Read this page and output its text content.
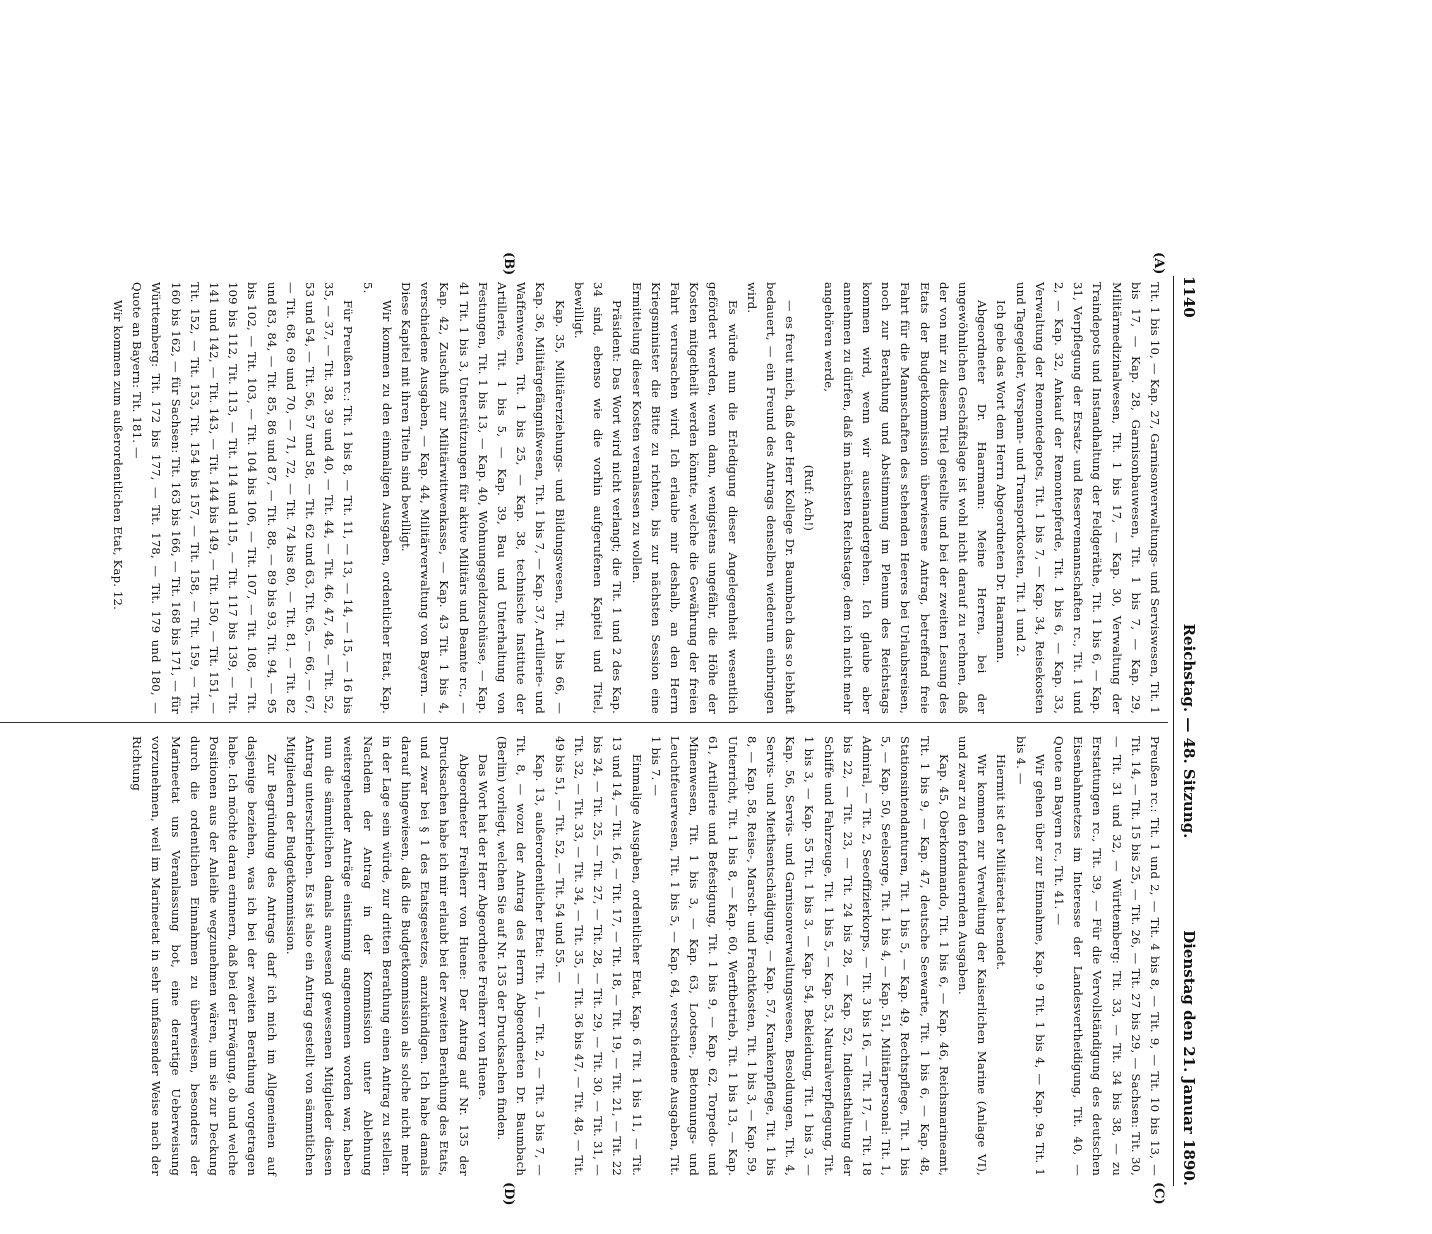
1140
Reichstag. — 48. Sitzung.
Dienstag den 21. Januar 1890.
(A)
(B)
(C)
(D)

Tit. 1 bis 10, — Kap. 27, Garnisonverwaltungs- und Serviswesen, Tit. 1 bis 17, — Kap. 28, Garnisonbauwesen, Tit. 1 bis 7, — Kap. 29, Militärmedizinalwesen, Tit. 1 bis 17, — Kap. 30, Verwaltung der Traindepots und Instandhaltung der Feldgeräthe, Tit. 1 bis 6, — Kap. 31, Verpflegung der Ersatz- und Reservemannschaften rc., Tit. 1 und 2, — Kap. 32, Ankauf der Remontepferde, Tit. 1 bis 6, — Kap. 33, Verwaltung der Remontedepots, Tit. 1 bis 7, — Kap. 34, Reisekosten und Tagegelder, Vorspann- und Transportkosten, Tit. 1 und 2.

Ich gebe das Wort dem Herrn Abgeordneten Dr. Haarmann.

Abgeordneter Dr. Haarmann: Meine Herren, bei der ungewöhnlichen Geschäftslage ist wohl nicht darauf zu rechnen, daß der von mir zu diesem Titel gestellte und bei der zweiten Lesung des Etats der Budgetkommission überwiesene Antrag, betreffend freie Fahrt für die Mannschaften des stehenden Heeres bei Urlaubsreisen, noch zur Berathung und Abstimmung im Plenum des Reichstags kommen wird, wenn wir auseinandergehen. Ich glaube aber annehmen zu dürfen, daß im nächsten Reichstage, dem ich nicht mehr angehören werde,

(Ruf: Ach!)

— es freut mich, daß der Herr Kollege Dr. Baumbach das so lebhaft bedauert, — ein Freund des Antrags denselben wiederum einbringen wird.

Es würde nun die Erledigung dieser Angelegenheit wesentlich gefördert werden, wenn dann, wenigstens ungefähr, die Höhe der Kosten mitgetheilt werden könnte, welche die Gewährung der freien Fahrt verursachen wird. Ich erlaube mir deshalb, an den Herrn Kriegsminister die Bitte zu richten, bis zur nächsten Session eine Ermittelung dieser Kosten veranlassen zu wollen.

Präsident: Das Wort wird nicht verlangt; die Tit. 1 und 2 des Kap. 34 sind, ebenso wie die vorhin aufgerufenen Kapitel und Titel, bewilligt.

Kap. 35, Militärerziehungs- und Bildungswesen, Tit. 1 bis 66, — Kap. 36, Militärgefängnißwesen, Tit. 1 bis 7, — Kap. 37, Artillerie- und Waffenwesen, Tit. 1 bis 25, — Kap. 38, technische Institute der Artillerie, Tit. 1 bis 5, — Kap. 39, Bau und Unterhaltung von Festungen, Tit. 1 bis 13, — Kap. 40, Wohnungsgeldzuschüsse, — Kap. 41 Tit. 1 bis 3, Unterstützungen für aktive Militärs und Beamte rc., — Kap. 42, Zuschuß zur Militärwittwenkasse, — Kap. 43 Tit. 1 bis 4, verschiedene Ausgaben, — Kap. 44, Militärverwaltung von Bayern. — Diese Kapitel mit ihren Titeln sind bewilligt.

Wir kommen zu den einmaligen Ausgaben, ordentlicher Etat, Kap. 5.

Für Preußen rc.: Tit. 1 bis 8, — Tit. 11, — 13, — 14, — 15, — 16 bis 35, — 37, — Tit. 38, 39 und 40, — Tit. 44, — Tit. 46, 47, 48, — Tit. 52, 53 und 54, — Tit. 56, 57 und 58, — Tit. 62 und 63, Tit. 65, — 66, — 67, — Tit. 68, 69 und 70, — 71, 72, — Tit. 74 bis 80, — Tit. 81, — Tit. 82 und 83, 84, — Tit. 85, 86 und 87, — Tit. 88, — 89 bis 93, Tit. 94, — 95 bis 102, — Tit. 103, — Tit. 104 bis 106, — Tit. 107, — Tit. 108, — Tit. 109 bis 112, Tit. 113, — Tit. 114 und 115, — Tit. 117 bis 139, — Tit. 141 und 142, — Tit. 143, — Tit. 144 bis 149, — Tit. 150, — Tit. 151, — Tit. 152, — Tit. 153, Tit. 154 bis 157, — Tit. 158, — Tit. 159, — Tit. 160 bis 162, — für Sachsen: Tit. 163 bis 166, — Tit. 168 bis 171, — für Württemberg: Tit. 172 bis 177, — Tit. 178, — Tit. 179 und 180, — Quote an Bayern: Tit. 181. —

Wir kommen zum außerordentlichen Etat, Kap. 12.

Preußen rc.: Tit. 1 und 2, — Tit. 4 bis 8, — Tit. 9, — Tit. 10 bis 13, — Tit. 14, — Tit. 15 bis 25, — Tit. 26, — Tit. 27 bis 29, — Sachsen: Tit. 30, — Tit. 31 und 32, — Württemberg: Tit. 33, — Tit. 34 bis 38, — zu Erstattungen rc., Tit. 39, — Für die Vervollständigung des deutschen Eisenbahnnetzes im Interesse der Landesvertheidigung, Tit. 40, — Quote an Bayern rc., Tit. 41. —

Wir gehen über zur Einnahme, Kap. 9 Tit. 1 bis 4, — Kap. 9a Tit. 1 bis 4. —

Hiermit ist der Militäretat beendet.

Wir kommen zur Verwaltung der Kaiserlichen Marine (Anlage VI), und zwar zu den fortdauernden Ausgaben.

Kap. 45, Oberkommando, Tit. 1 bis 6, — Kap. 46, Reichsmarineamt, Tit. 1 bis 9, — Kap. 47, deutsche Seewarte, Tit. 1 bis 6, — Kap. 48, Stationsintendanturen, Tit. 1 bis 5, — Kap. 49, Rechtspflege, Tit. 1 bis 5, — Kap. 50, Seelsorge, Tit. 1 bis 4, — Kap. 51, Militärpersonal: Tit. 1, Admiral, — Tit. 2, Seeoffizierkorps, — Tit. 3 bis 16, — Tit. 17, — Tit. 18 bis 22, — Tit. 23, — Tit. 24 bis 28, — Kap. 52, Indiensthaltung der Schiffe und Fahrzeuge, Tit. 1 bis 5, — Kap. 53, Naturalverpflegung, Tit. 1 bis 3, — Kap. 55 Tit. 1 bis 3, — Kap. 54, Bekleidung, Tit. 1 bis 3, — Kap. 56, Servis- und Garnisonverwaltungswesen, Besoldungen, Tit. 4, Servis- und Miethsentschädigung, — Kap. 57, Krankenpflege, Tit. 1 bis 8, — Kap. 58, Reise-, Marsch- und Frachtkosten, Tit. 1 bis 3, — Kap. 59, Unterricht, Tit. 1 bis 8, — Kap. 60, Werftbetrieb, Tit. 1 bis 13, — Kap. 61, Artillerie und Befestigung, Tit. 1 bis 9, — Kap. 62, Torpedo- und Minenwesen, Tit. 1 bis 3, — Kap. 63, Lootsen-, Betonnungs- und Leuchtfeuerwesen, Tit. 1 bis 5, — Kap. 64, verschiedene Ausgaben, Tit. 1 bis 7. —

Einmalige Ausgaben, ordentlicher Etat, Kap. 6 Tit. 1 bis 11, — Tit. 13 und 14, — Tit. 16, — Tit. 17, — Tit. 18, — Tit. 19, — Tit. 21, — Tit. 22 bis 24, — Tit. 25, — Tit. 27, — Tit. 28, — Tit. 29, — Tit. 30, — Tit. 31, — Tit. 32, — Tit. 33, — Tit. 34, — Tit. 35, — Tit. 36 bis 47, — Tit. 48, — Tit. 49 bis 51, — Tit. 52, — Tit. 54 und 55. —

Kap. 13, außerordentlicher Etat: Tit. 1, — Tit. 2, — Tit. 3 bis 7, — Tit. 8, — wozu der Antrag des Herrn Abgeordneten Dr. Baumbach (Berlin) vorliegt, welchen Sie auf Nr. 135 der Drucksachen finden.

Das Wort hat der Herr Abgeordnete Freiherr von Huene.

Abgeordneter Freiherr von Huene: Der Antrag auf Nr. 135 der Drucksachen habe ich mir erlaubt bei der zweiten Berathung des Etats, und zwar bei § 1 des Etatsgesetzes, anzukündigen. Ich habe damals darauf hingewiesen, daß die Budgetkommission als solche nicht mehr in der Lage sein würde, zur dritten Berathung einen Antrag zu stellen. Nachdem der Antrag in der Kommission unter Ablehnung weitergehender Anträge einstimmig angenommen worden war, haben nun die sämmtlichen damals anwesend gewesenen Mitglieder diesen Antrag unterschrieben. Es ist also ein Antrag gestellt von sämmtlichen Mitgliedern der Budgetkommission.

Zur Begründung des Antrags darf ich mich im Allgemeinen auf dasjenige beziehen, was ich bei der zweiten Berathung vorgetragen habe. Ich möchte daran erinnern, daß bei der Erwägung, ob und welche Positionen aus der Anleihe wegzunehmen wären, um sie zur Deckung durch die ordentlichen Einnahmen zu überweisen, besonders der Marineetat uns Veranlassung bot, eine derartige Ueberweisung vorzunehmen, weil im Marineetat in sehr umfassender Weise nach der Richtung
